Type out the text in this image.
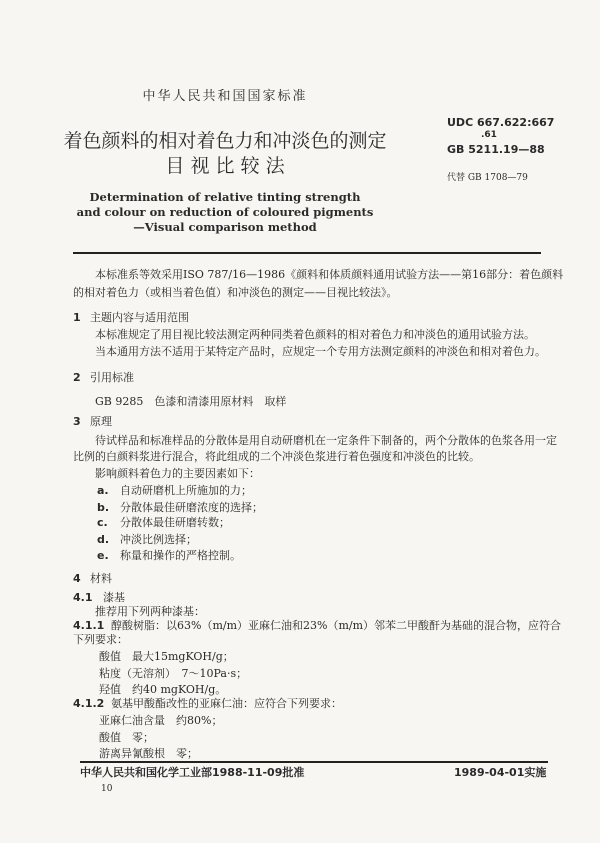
中华人民共和国国家标准
着色颜料的相对着色力和冲淡色的测定
目 视 比 较 法
Determination of relative tinting strength
and colour on reduction of coloured pigments
—Visual comparison method
UDC 667.622:667
.61
GB 5211.19—88
代替 GB 1708—79
本标准系等效采用ISO 787/16—1986《颜料和体质颜料通用试验方法——第16部分：着色颜料
的相对着色力（或相当着色值）和冲淡色的测定——目视比较法》。
1 主题内容与适用范围
本标准规定了用目视比较法测定两种同类着色颜料的相对着色力和冲淡色的通用试验方法。
当本通用方法不适用于某特定产品时，应规定一个专用方法测定颜料的冲淡色和相对着色力。
2 引用标准
GB 9285　色漆和清漆用原材料　取样
3 原理
待试样品和标准样品的分散体是用自动研磨机在一定条件下制备的，两个分散体的色浆各用一定
比例的白颜料浆进行混合，将此组成的二个冲淡色浆进行着色强度和冲淡色的比较。
影响颜料着色力的主要因素如下：
a. 自动研磨机上所施加的力；
b. 分散体最佳研磨浓度的选择；
c. 分散体最佳研磨转数；
d. 冲淡比例选择；
e. 称量和操作的严格控制。
4 材料
4.1 漆基
推荐用下列两种漆基：
4.1.1 醇酸树脂：以63%（m/m）亚麻仁油和23%（m/m）邻苯二甲酸酐为基础的混合物，应符合
下列要求：
酸值　最大15mgKOH/g；
粘度（无溶剂）　7～10Pa·s；
羟值　约40 mgKOH/g。
4.1.2 氨基甲酸酯改性的亚麻仁油：应符合下列要求：
亚麻仁油含量　约80%；
酸值　零；
游离异氰酸根　零；
中华人民共和国化学工业部1988-11-09批准	1989-04-01实施
10
